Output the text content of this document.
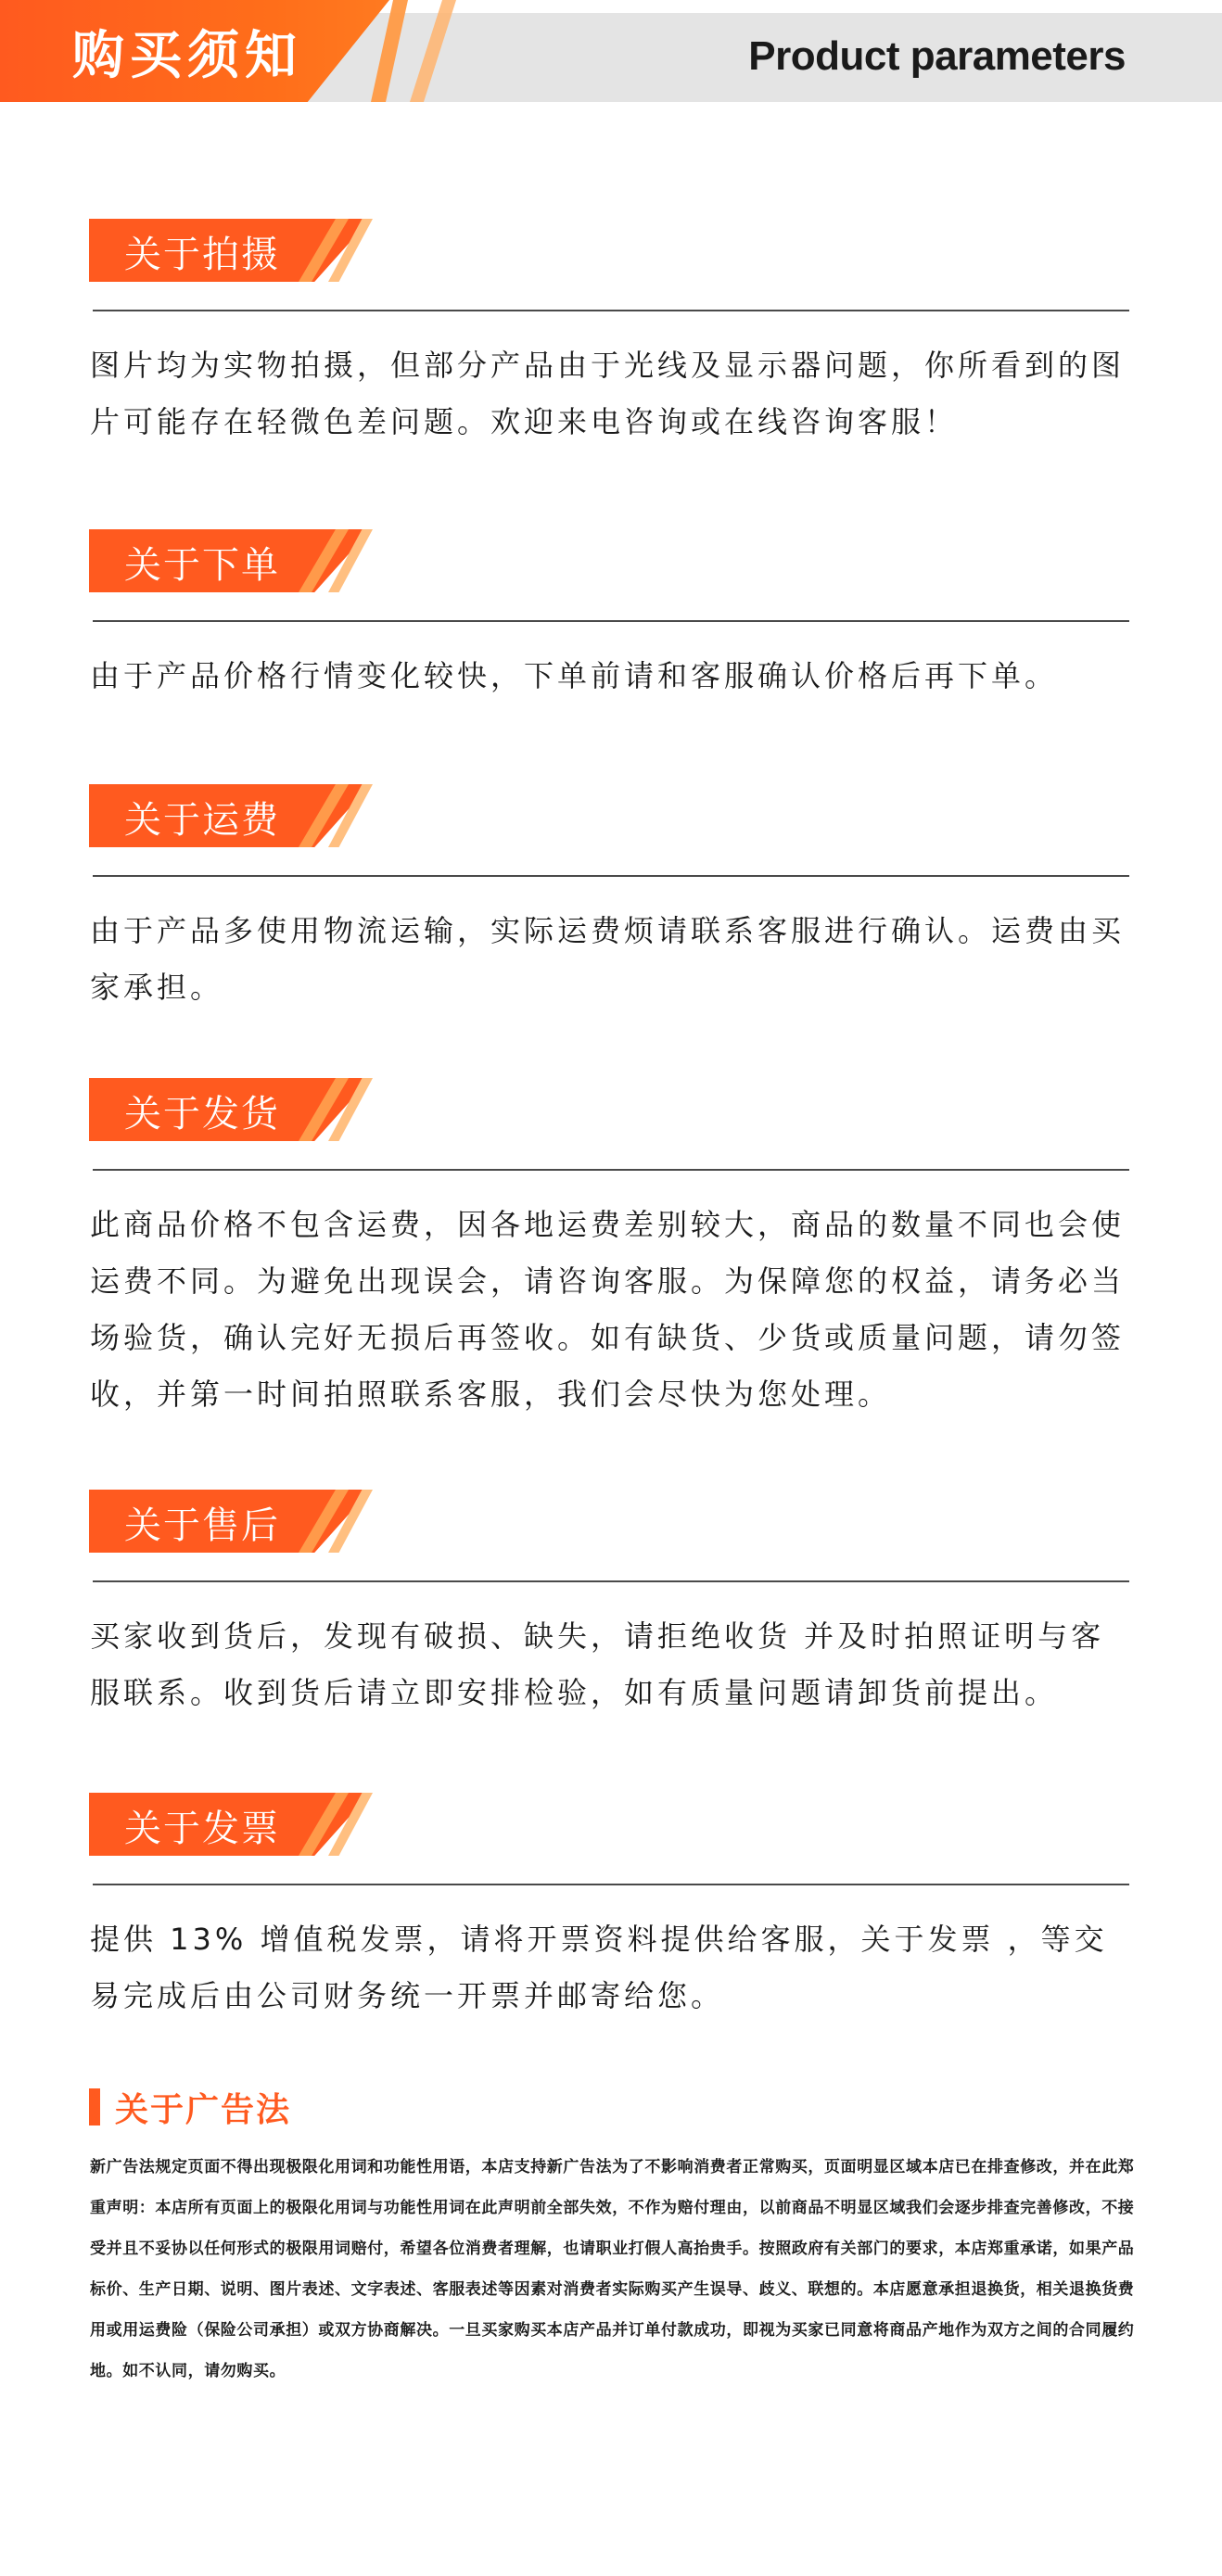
购买须知	Product parameters
关于拍摄
图片均为实物拍摄，但部分产品由于光线及显示器问题，你所看到的图片可能存在轻微色差问题。欢迎来电咨询或在线咨询客服！
关于下单
由于产品价格行情变化较快，下单前请和客服确认价格后再下单。
关于运费
由于产品多使用物流运输，实际运费烦请联系客服进行确认。运费由买家承担。
关于发货
此商品价格不包含运费，因各地运费差别较大，商品的数量不同也会使运费不同。为避免出现误会，请咨询客服。为保障您的权益，请务必当场验货，确认完好无损后再签收。如有缺货、少货或质量问题，请勿签收，并第一时间拍照联系客服，我们会尽快为您处理。
关于售后
买家收到货后，发现有破损、缺失，请拒绝收货 并及时拍照证明与客服联系。收到货后请立即安排检验，如有质量问题请卸货前提出。
关于发票
提供 13% 增值税发票，请将开票资料提供给客服，关于发票 ，等交易完成后由公司财务统一开票并邮寄给您。
关于广告法
新广告法规定页面不得出现极限化用词和功能性用语，本店支持新广告法为了不影响消费者正常购买，页面明显区域本店已在排查修改，并在此郑重声明：本店所有页面上的极限化用词与功能性用词在此声明前全部失效，不作为赔付理由，以前商品不明显区域我们会逐步排查完善修改，不接受并且不妥协以任何形式的极限用词赔付，希望各位消费者理解，也请职业打假人高抬贵手。按照政府有关部门的要求，本店郑重承诺，如果产品标价、生产日期、说明、图片表述、文字表述、客服表述等因素对消费者实际购买产生误导、歧义、联想的。本店愿意承担退换货，相关退换货费用或用运费险（保险公司承担）或双方协商解决。一旦买家购买本店产品并订单付款成功，即视为买家已同意将商品产地作为双方之间的合同履约地。如不认同，请勿购买。
